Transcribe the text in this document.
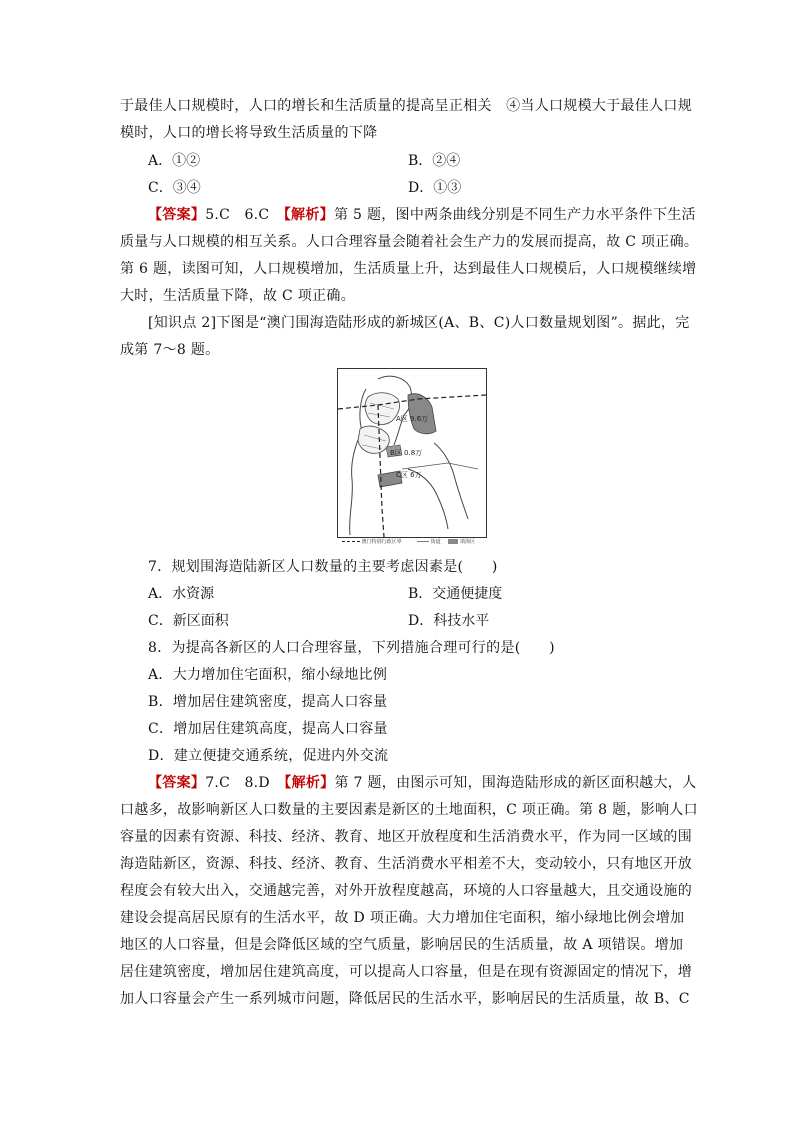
于最佳人口规模时，人口的增长和生活质量的提高呈正相关　④当人口规模大于最佳人口规
模时，人口的增长将导致生活质量的下降
A．①②	B．②④
C．③④	D．①③
【答案】5.C　6.C　【解析】第 5 题，图中两条曲线分别是不同生产力水平条件下生活
质量与人口规模的相互关系。人口合理容量会随着社会生产力的发展而提高，故 C 项正确。
第 6 题，读图可知，人口规模增加，生活质量上升，达到最佳人口规模后，人口规模继续增
大时，生活质量下降，故 C 项正确。
[知识点 2]下图是“澳门围海造陆形成的新城区(A、B、C)人口数量规划图”。据此，完
成第 7～8 题。
A区 9.6万
B区 0.8万
C区 6万
澳门特别行政区界	街道	填海区
7．规划围海造陆新区人口数量的主要考虑因素是(　　)
A．水资源	B．交通便捷度
C．新区面积	D．科技水平
8．为提高各新区的人口合理容量，下列措施合理可行的是(　　)
A．大力增加住宅面积，缩小绿地比例
B．增加居住建筑密度，提高人口容量
C．增加居住建筑高度，提高人口容量
D．建立便捷交通系统，促进内外交流
【答案】7.C　8.D　【解析】第 7 题，由图示可知，围海造陆形成的新区面积越大，人
口越多，故影响新区人口数量的主要因素是新区的土地面积，C 项正确。第 8 题，影响人口
容量的因素有资源、科技、经济、教育、地区开放程度和生活消费水平，作为同一区域的围
海造陆新区，资源、科技、经济、教育、生活消费水平相差不大，变动较小，只有地区开放
程度会有较大出入，交通越完善，对外开放程度越高，环境的人口容量越大，且交通设施的
建设会提高居民原有的生活水平，故 D 项正确。大力增加住宅面积，缩小绿地比例会增加
地区的人口容量，但是会降低区域的空气质量，影响居民的生活质量，故 A 项错误。增加
居住建筑密度，增加居住建筑高度，可以提高人口容量，但是在现有资源固定的情况下，增
加人口容量会产生一系列城市问题，降低居民的生活水平，影响居民的生活质量，故 B、C
